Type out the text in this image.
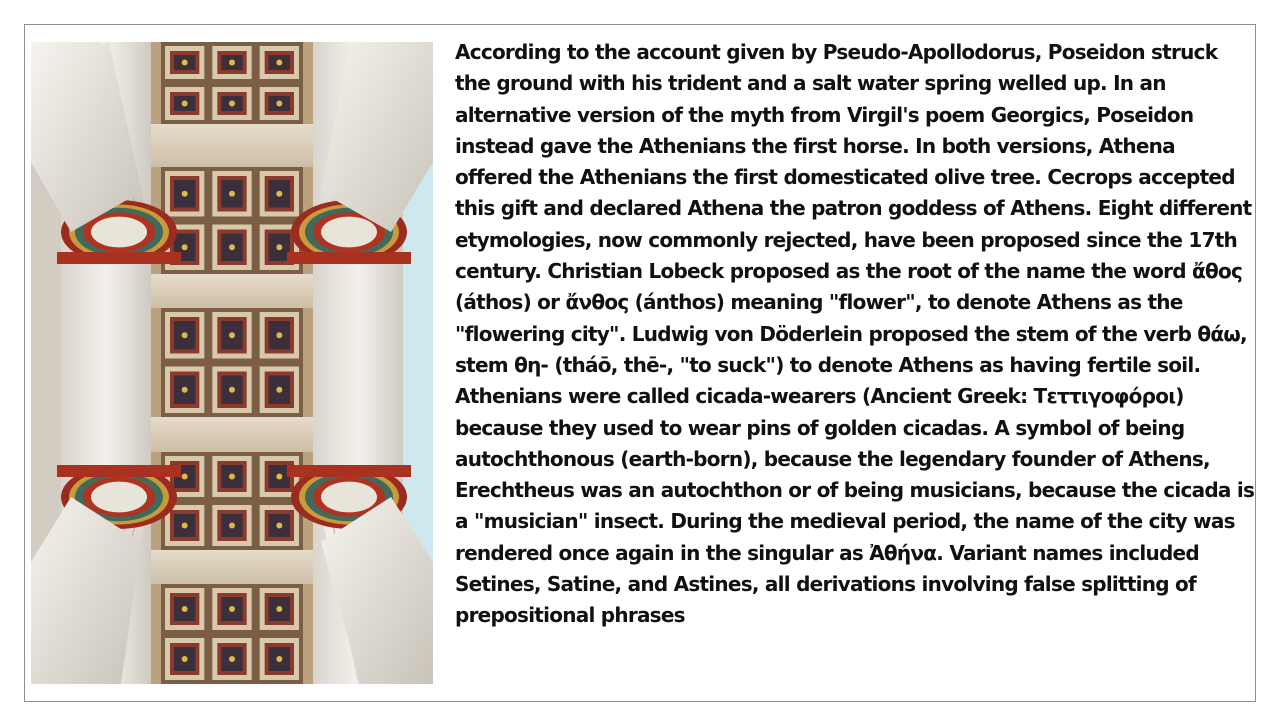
According to the account given by Pseudo-Apollodorus, Poseidon struck the ground with his trident and a salt water spring welled up. In an alternative version of the myth from Virgil's poem Georgics, Poseidon instead gave the Athenians the first horse. In both versions, Athena offered the Athenians the first domesticated olive tree. Cecrops accepted this gift and declared Athena the patron goddess of Athens. Eight different etymologies, now commonly rejected, have been proposed since the 17th century. Christian Lobeck proposed as the root of the name the word ἄθος (áthos) or ἄνθος (ánthos) meaning "flower", to denote Athens as the "flowering city". Ludwig von Döderlein proposed the stem of the verb θάω, stem θη- (tháō, thē-, "to suck") to denote Athens as having fertile soil. Athenians were called cicada-wearers (Ancient Greek: Τεττιγοφόροι) because they used to wear pins of golden cicadas. A symbol of being autochthonous (earth-born), because the legendary founder of Athens, Erechtheus was an autochthon or of being musicians, because the cicada is a "musician" insect. During the medieval period, the name of the city was rendered once again in the singular as Ἀθήνα. Variant names included Setines, Satine, and Astines, all derivations involving false splitting of prepositional phrases
